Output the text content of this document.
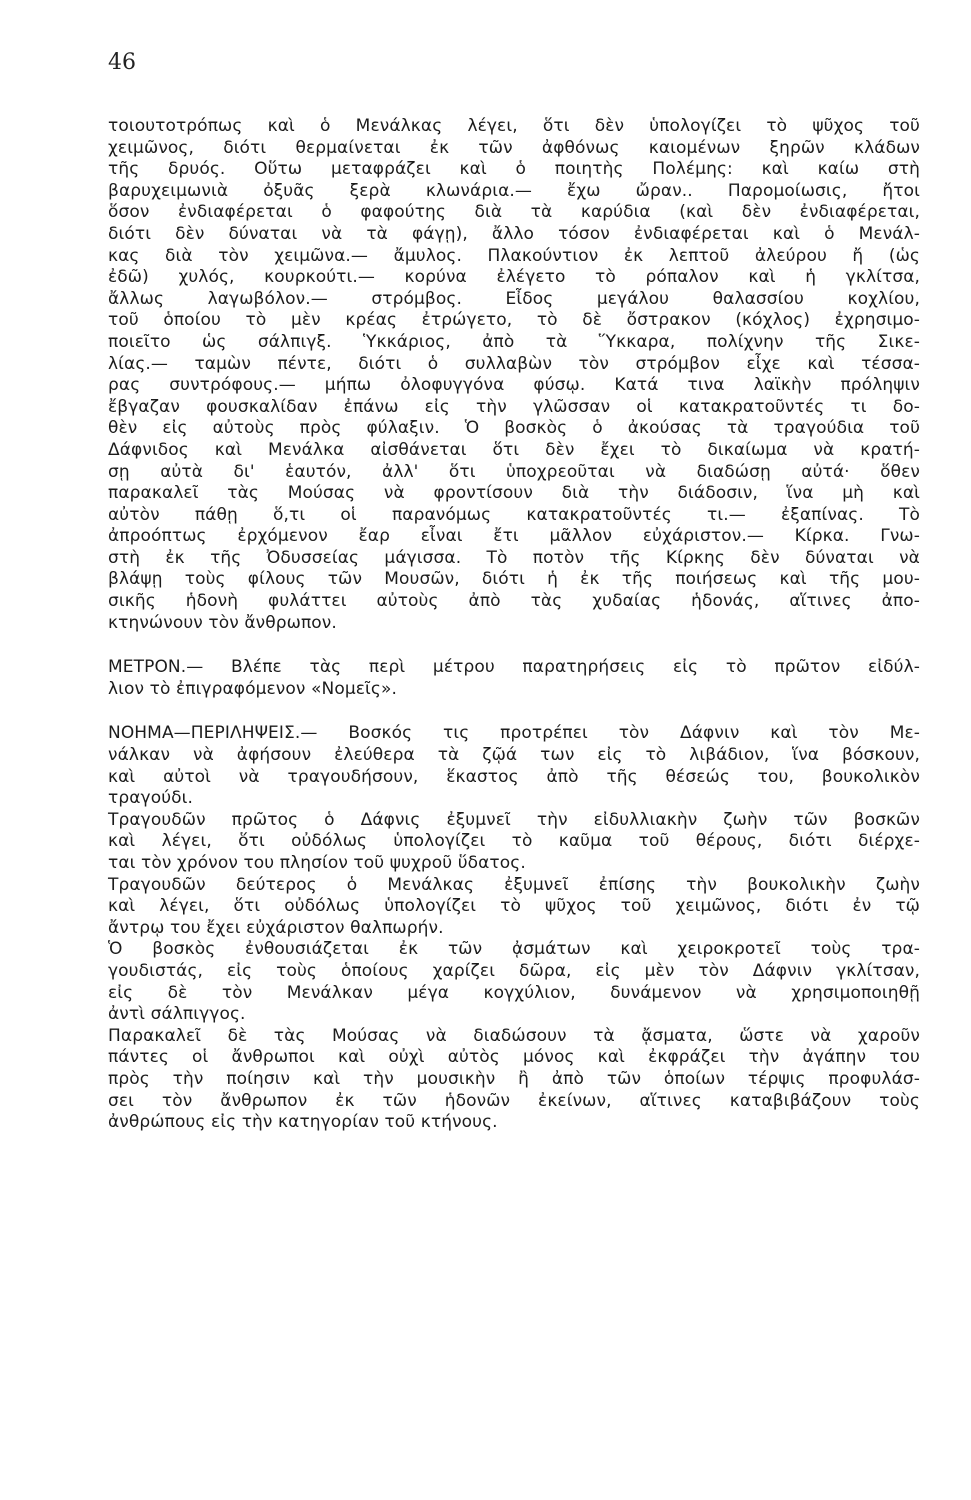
46
τοιουτοτρόπως καὶ ὁ Μενάλκας λέγει, ὅτι δὲν ὑπολογίζει τὸ ψῦχος τοῦ
χειμῶνος, διότι θερμαίνεται ἐκ τῶν ἀφθόνως καιομένων ξηρῶν κλάδων
τῆς δρυός. Οὕτω μεταφράζει καὶ ὁ ποιητὴς Πολέμης: καὶ καίω στὴ
βαρυχειμωνιὰ ὀξυᾶς ξερὰ κλωνάρια.— ἔχω ὤραν.. Παρομοίωσις, ἤτοι
ὅσον ἐνδιαφέρεται ὁ φαφούτης διὰ τὰ καρύδια (καὶ δὲν ἐνδιαφέρεται,
διότι δὲν δύναται νὰ τὰ φάγῃ), ἄλλο τόσον ἐνδιαφέρεται καὶ ὁ Μενάλ-
κας διὰ τὸν χειμῶνα.— ἄμυλος. Πλακούντιον ἐκ λεπτοῦ ἀλεύρου ἤ (ὡς
ἐδῶ) χυλός, κουρκούτι.— κορύνα ἐλέγετο τὸ ρόπαλον καὶ ἡ γκλίτσα,
ἄλλως λαγωβόλον.— στρόμβος. Εἶδος μεγάλου θαλασσίου κοχλίου,
τοῦ ὁποίου τὸ μὲν κρέας ἐτρώγετο, τὸ δὲ ὄστρακον (κόχλος) ἐχρησιμο-
ποιεῖτο ὡς σάλπιγξ. Ὑκκάριος, ἀπὸ τὰ Ὕκκαρα, πολίχνην τῆς Σικε-
λίας.— ταμὼν πέντε, διότι ὁ συλλαβὼν τὸν στρόμβον εἶχε καὶ τέσσα-
ρας συντρόφους.— μήπω ὀλοφυγγόνα φύσῳ. Κατά τινα λαϊκὴν πρόληψιν
ἔβγαζαν φουσκαλίδαν ἐπάνω εἰς τὴν γλῶσσαν οἱ κατακρατοῦντές τι δο-
θὲν εἰς αὐτοὺς πρὸς φύλαξιν. Ὁ βοσκὸς ὁ ἀκούσας τὰ τραγούδια τοῦ
Δάφνιδος καὶ Μενάλκα αἰσθάνεται ὅτι δὲν ἔχει τὸ δικαίωμα νὰ κρατή-
σῃ αὐτὰ δι' ἑαυτόν, ἀλλ' ὅτι ὑποχρεοῦται νὰ διαδώσῃ αὐτά· ὅθεν
παρακαλεῖ τὰς Μούσας νὰ φροντίσουν διὰ τὴν διάδοσιν, ἵνα μὴ καὶ
αὐτὸν πάθῃ ὅ,τι οἱ παρανόμως κατακρατοῦντές τι.— ἐξαπίνας. Τὸ
ἀπροόπτως ἐρχόμενον ἔαρ εἶναι ἔτι μᾶλλον εὐχάριστον.— Κίρκα. Γνω-
στὴ ἐκ τῆς Ὀδυσσείας μάγισσα. Τὸ ποτὸν τῆς Κίρκης δὲν δύναται νὰ
βλάψῃ τοὺς φίλους τῶν Μουσῶν, διότι ἡ ἐκ τῆς ποιήσεως καὶ τῆς μου-
σικῆς ἡδονὴ φυλάττει αὐτοὺς ἀπὸ τὰς χυδαίας ἡδονάς, αἵτινες ἀπο-
κτηνώνουν τὸν ἄνθρωπον.
ΜΕΤΡΟΝ.— Βλέπε τὰς περὶ μέτρου παρατηρήσεις εἰς τὸ πρῶτον εἰδύλ-
λιον τὸ ἐπιγραφόμενον «Νομεῖς».
ΝΟΗΜΑ—ΠΕΡΙΛΗΨΕΙΣ.— Βοσκός τις προτρέπει τὸν Δάφνιν καὶ τὸν Με-
νάλκαν νὰ ἀφήσουν ἐλεύθερα τὰ ζῷά των εἰς τὸ λιβάδιον, ἵνα βόσκουν,
καὶ αὐτοὶ νὰ τραγουδήσουν, ἕκαστος ἀπὸ τῆς θέσεώς του, βουκολικὸν
τραγούδι.
Τραγουδῶν πρῶτος ὁ Δάφνις ἐξυμνεῖ τὴν εἰδυλλιακὴν ζωὴν τῶν βοσκῶν
καὶ λέγει, ὅτι οὐδόλως ὑπολογίζει τὸ καῦμα τοῦ θέρους, διότι διέρχε-
ται τὸν χρόνον του πλησίον τοῦ ψυχροῦ ὕδατος.
Τραγουδῶν δεύτερος ὁ Μενάλκας ἐξυμνεῖ ἐπίσης τὴν βουκολικὴν ζωὴν
καὶ λέγει, ὅτι οὐδόλως ὑπολογίζει τὸ ψῦχος τοῦ χειμῶνος, διότι ἐν τῷ
ἄντρῳ του ἔχει εὐχάριστον θαλπωρήν.
Ὁ βοσκὸς ἐνθουσιάζεται ἐκ τῶν ᾀσμάτων καὶ χειροκροτεῖ τοὺς τρα-
γουδιστάς, εἰς τοὺς ὁποίους χαρίζει δῶρα, εἰς μὲν τὸν Δάφνιν γκλίτσαν,
εἰς δὲ τὸν Μενάλκαν μέγα κογχύλιον, δυνάμενον νὰ χρησιμοποιηθῇ
ἀντὶ σάλπιγγος.
Παρακαλεῖ δὲ τὰς Μούσας νὰ διαδώσουν τὰ ᾄσματα, ὥστε νὰ χαροῦν
πάντες οἱ ἄνθρωποι καὶ οὐχὶ αὐτὸς μόνος καὶ ἐκφράζει τὴν ἀγάπην του
πρὸς τὴν ποίησιν καὶ τὴν μουσικὴν ἢ ἀπὸ τῶν ὁποίων τέρψις προφυλάσ-
σει τὸν ἄνθρωπον ἐκ τῶν ἡδονῶν ἐκείνων, αἵτινες καταβιβάζουν τοὺς
ἀνθρώπους εἰς τὴν κατηγορίαν τοῦ κτήνους.
